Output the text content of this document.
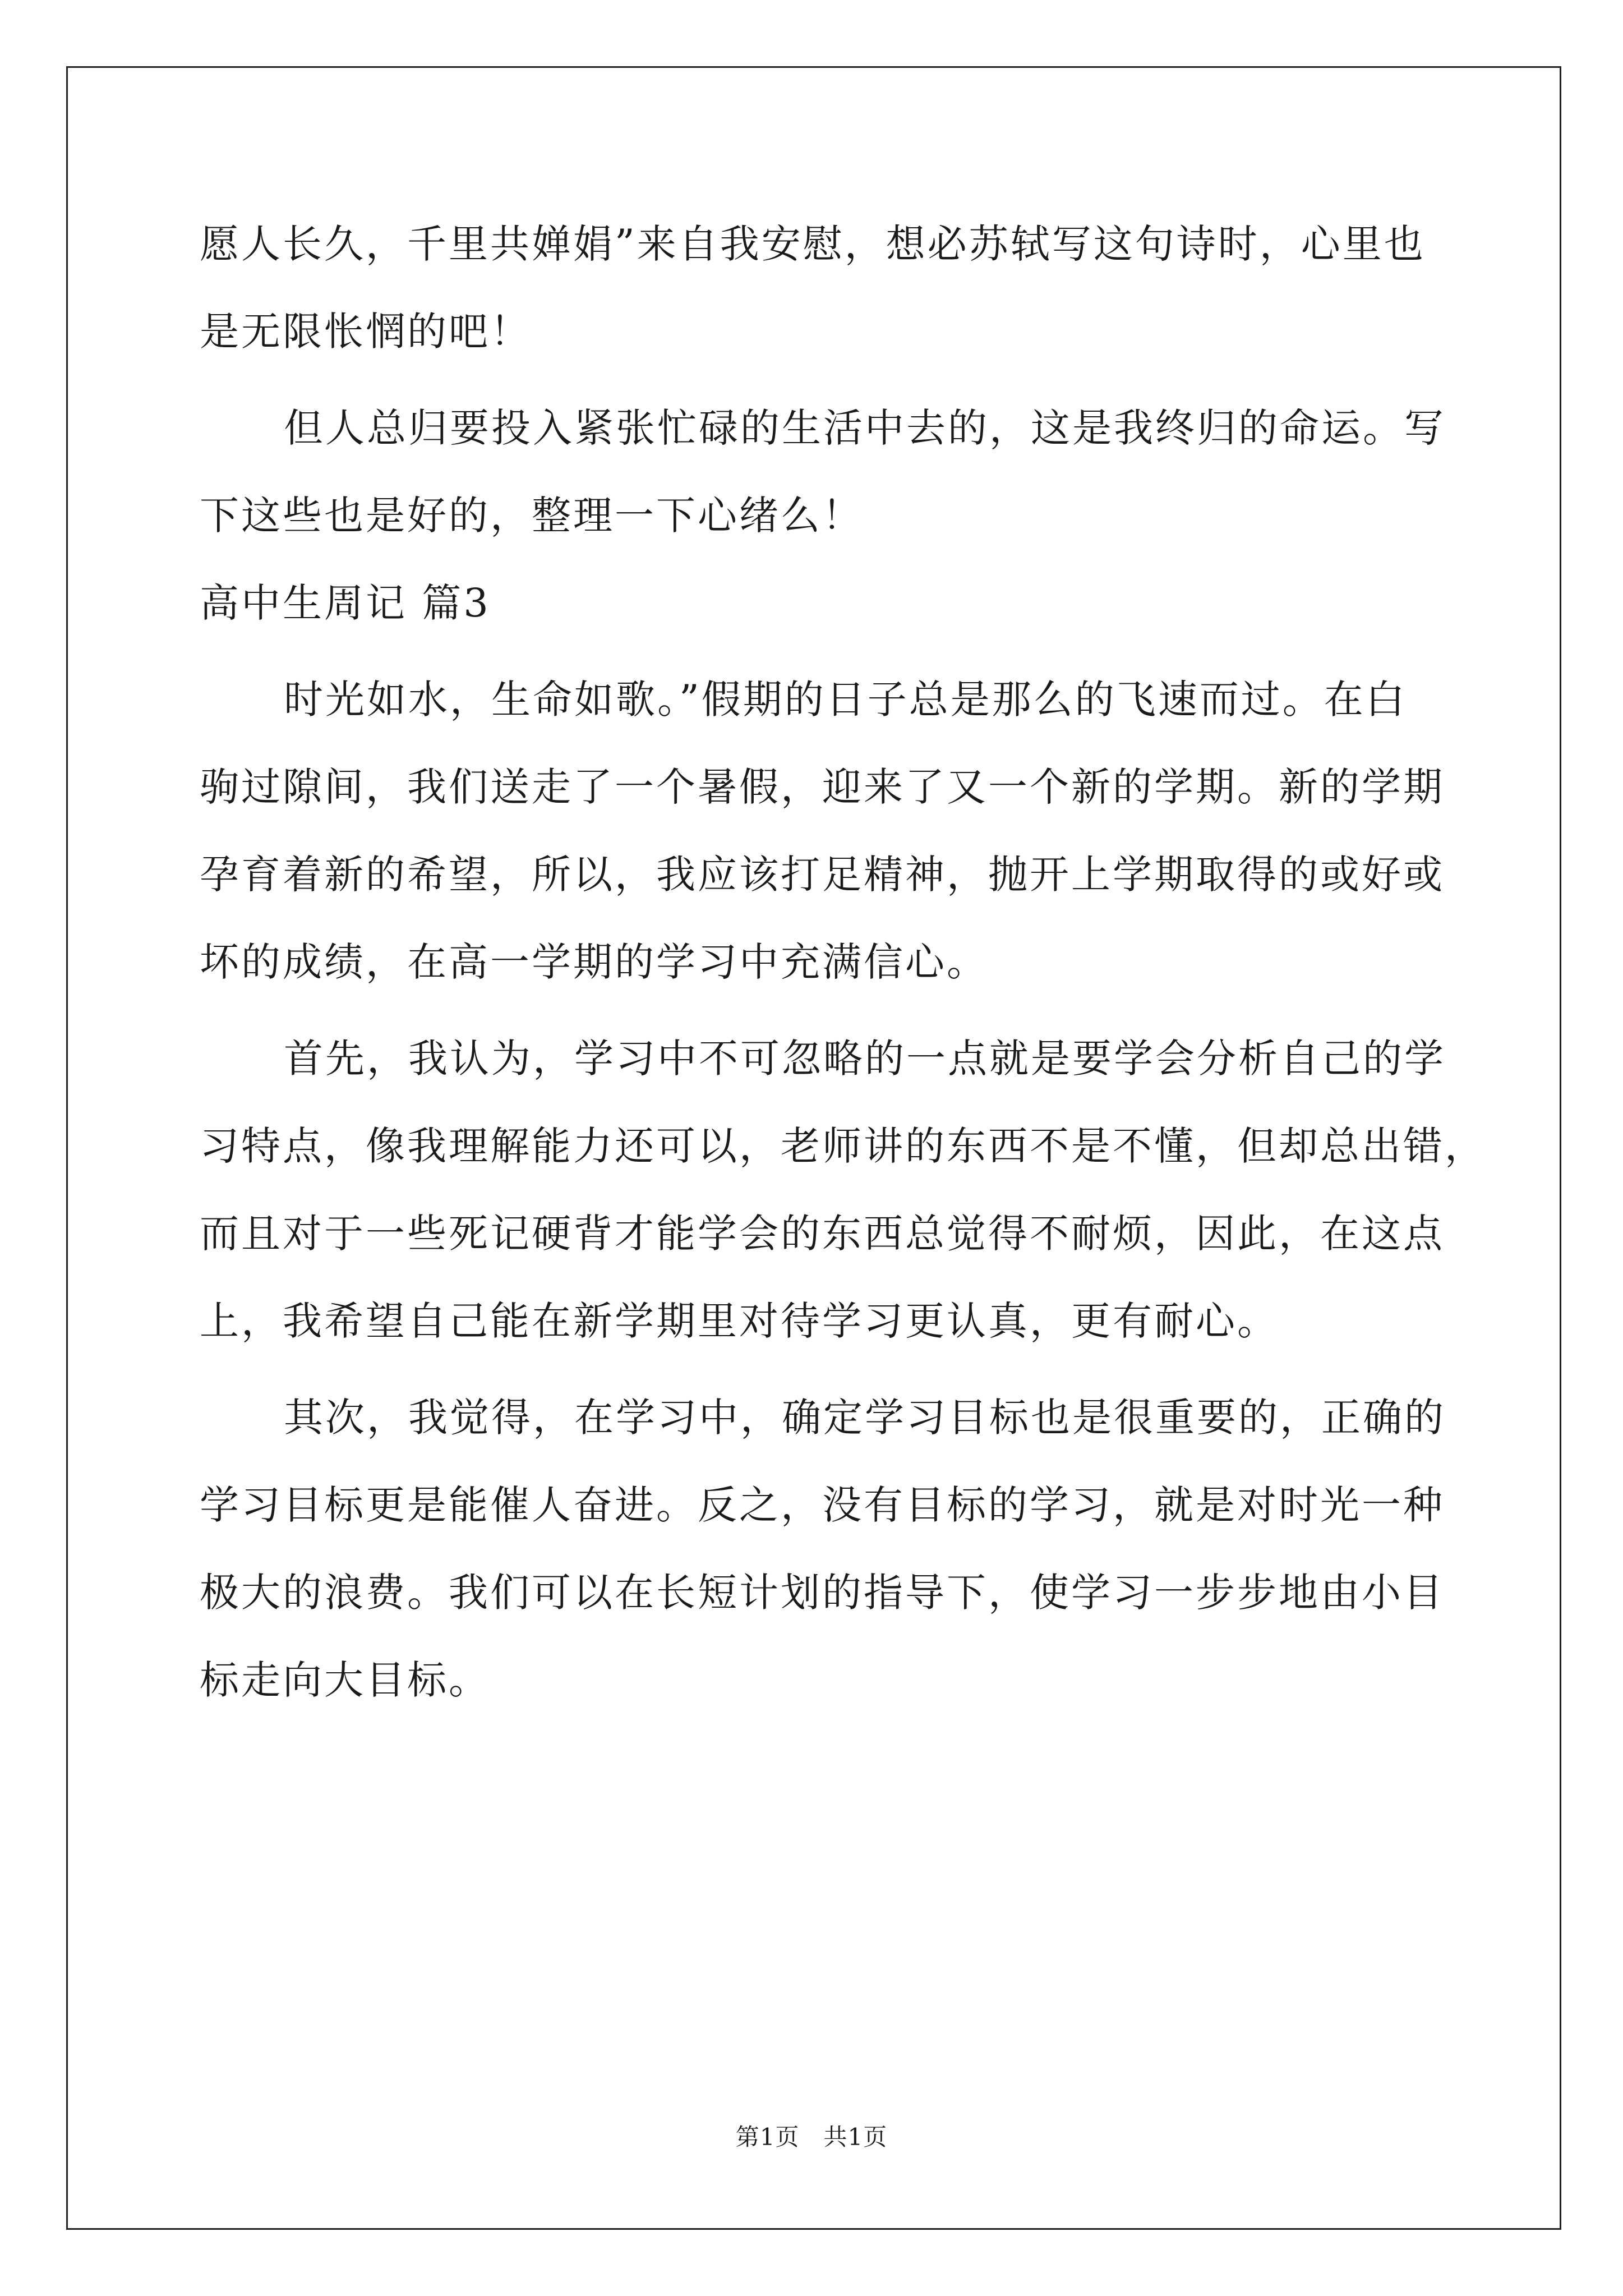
愿人长久，千里共婵娟”来自我安慰，想必苏轼写这句诗时，心里也
是无限怅惘的吧！
但人总归要投入紧张忙碌的生活中去的，这是我终归的命运。写
下这些也是好的，整理一下心绪么！
高中生周记 篇3
时光如水，生命如歌。”假期的日子总是那么的飞速而过。在白
驹过隙间，我们送走了一个暑假，迎来了又一个新的学期。新的学期
孕育着新的希望，所以，我应该打足精神，抛开上学期取得的或好或
坏的成绩，在高一学期的学习中充满信心。
首先，我认为，学习中不可忽略的一点就是要学会分析自己的学
习特点，像我理解能力还可以，老师讲的东西不是不懂，但却总出错，
而且对于一些死记硬背才能学会的东西总觉得不耐烦，因此，在这点
上，我希望自己能在新学期里对待学习更认真，更有耐心。
其次，我觉得，在学习中，确定学习目标也是很重要的，正确的
学习目标更是能催人奋进。反之，没有目标的学习，就是对时光一种
极大的浪费。我们可以在长短计划的指导下，使学习一步步地由小目
标走向大目标。
第1页　共1页
